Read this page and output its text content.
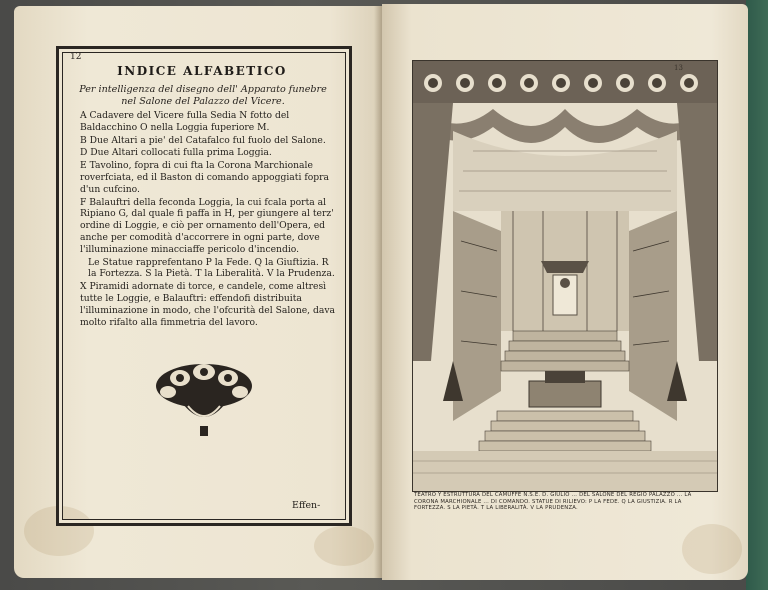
12
INDICE ALFABETICO
Per intelligenza del disegno dell' Apparato funebre nel Salone del Palazzo del Vicere.

A Cadavere del Vicere fulla Sedia N fotto del Baldacchino O nella Loggia fuperiore M.

B Due Altari a pie' del Catafalco ful fuolo del Salone.

D Due Altari collocati fulla prima Loggia.

E Tavolino, fopra di cui fta la Corona Marchionale roverfciata, ed il Baston di comando appoggiati fopra d'un cufcino.

F Balauftri della feconda Loggia, la cui fcala porta al Ripiano G, dal quale fi paffa in H, per giungere al terz' ordine di Loggie, e ciò per ornamento dell'Opera, ed anche per comodità d'accorrere in ogni parte, dove l'illuminazione minacciaffe pericolo d'incendio.

Le Statue rapprefentano P la Fede. Q la Giuftizia. R la Fortezza. S la Pietà. T la Liberalità. V la Prudenza.

X Piramidi adornate di torce, e candele, come altresì tutte le Loggie, e Balauftri: effendofi distribuita l'illuminazione in modo, che l'ofcurità del Salone, dava molto rifalto alla fimmetria del lavoro.

Effen-
13
TEATRO Y ESTRUTTURA DEL CAMUFFE N.S.E. D. GIULIO ... DEL SALONE DEL REGIO PALAZZO ... LA CORONA MARCHIONALE ... DI COMANDO. STATUE DI RILIEVO: P LA FEDE. Q LA GIUSTIZIA. R LA FORTEZZA. S LA PIETÀ. T LA LIBERALITÀ. V LA PRUDENZA.
